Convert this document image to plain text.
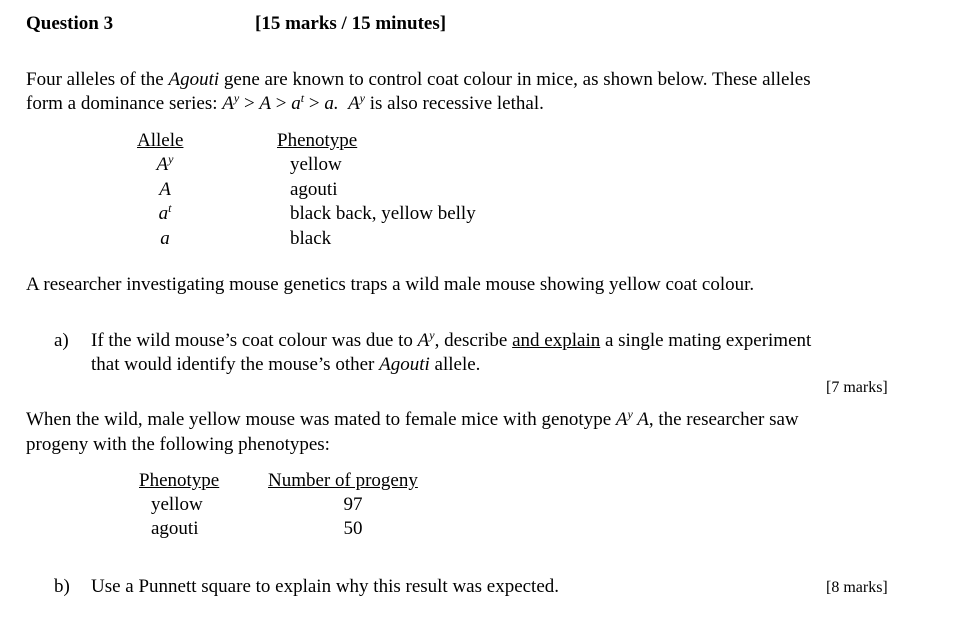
Question 3	[15 marks / 15 minutes]
Four alleles of the Agouti gene are known to control coat colour in mice, as shown below. These alleles
form a dominance series: $A^y > A > a^t > a$. $A^y$ is also recessive lethal.
Allele	Phenotype
$A^y$	yellow
A	agouti
$a^t$	black back, yellow belly
a	black
A researcher investigating mouse genetics traps a wild male mouse showing yellow coat colour.
a) If the wild mouse’s coat colour was due to $A^y$, describe and explain a single mating experiment
that would identify the mouse’s other Agouti allele.
[7 marks]
When the wild, male yellow mouse was mated to female mice with genotype $A^y$ A, the researcher saw
progeny with the following phenotypes:
Phenotype	Number of progeny
yellow	97
agouti	50
b) Use a Punnett square to explain why this result was expected.	[8 marks]
